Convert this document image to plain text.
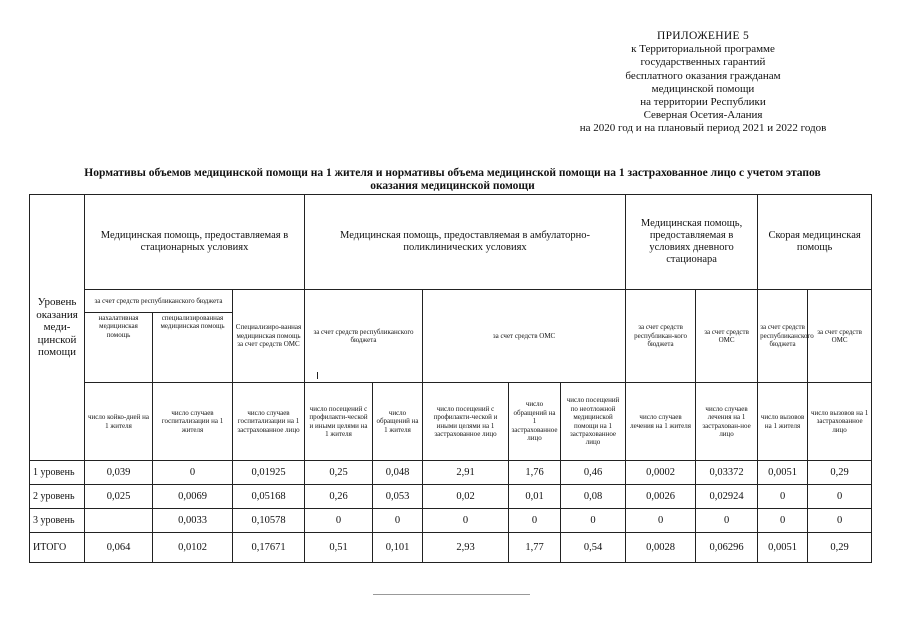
ПРИЛОЖЕНИЕ 5
к Территориальной программе
государственных гарантий
бесплатного оказания гражданам
медицинской помощи
на территории Республики
Северная Осетия-Алания
на 2020 год и на плановый период 2021 и 2022 годов
Нормативы объемов медицинской помощи на 1 жителя и нормативы объема медицинской помощи на 1 застрахованное лицо с учетом этапов
оказания медицинской помощи
Уровень оказания меди-цинской помощи	Медицинская помощь, предоставляемая в стационарных условиях			Медицинская помощь, предоставляемая в амбулаторно-поликлинических условиях					Медицинская помощь, предоставляемая в условиях дневного стационара		Скорая медицинская помощь	
	за счет средств республиканского бюджета		Специализиро-ванная медицинская помощь за счет средств ОМС	за счет средств республиканского бюджета		за счет средств ОМС			за счет средств республикан-кого бюджета	за счет средств ОМС	за счет средств республиканского бюджета	за счет средств ОМС
	нахалативная медицинская помощь	специализированная медицинская помощь										
	число койко-дней на 1 жителя	число случаев госпитализации на 1 жителя	число случаев госпитализации на 1 застрахованное лицо	число посещений с профилакти-ческой и иными целями на 1 жителя	число обращений на 1 жителя	число посещений с профилакти-ческой и иными целями на 1 застрахованное лицо	число обращений на 1 застрахованное лицо	число посещений по неотложной медицинской помощи на 1 застрахованное лицо	число случаев лечения на 1 жителя	число случаев лечения на 1 застрахован-ное лицо	число вызовов на 1 жителя	число вызовов на 1 застрахованное лицо
1 уровень	0,039	0	0,01925	0,25	0,048	2,91	1,76	0,46	0,0002	0,03372	0,0051	0,29
2 уровень	0,025	0,0069	0,05168	0,26	0,053	0,02	0,01	0,08	0,0026	0,02924	0	0
3 уровень		0,0033	0,10578	0	0	0	0	0	0	0	0	0
ИТОГО	0,064	0,0102	0,17671	0,51	0,101	2,93	1,77	0,54	0,0028	0,06296	0,0051	0,29
